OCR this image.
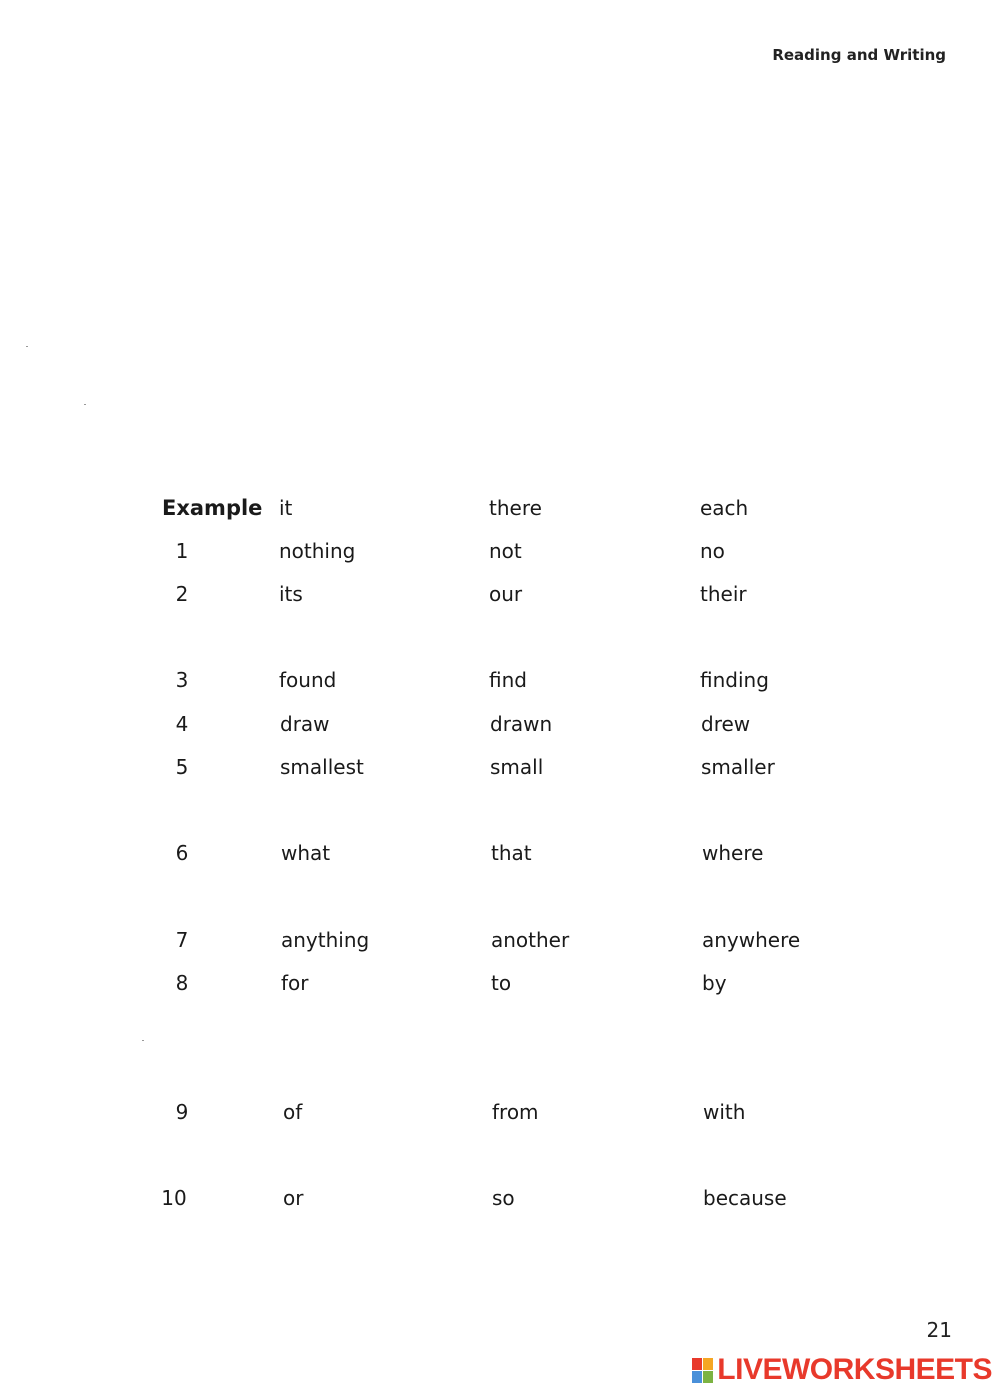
Reading and Writing
Example it	there	each
1	nothing	not	no
2	its	our	their
3	found	find	finding
4	draw	drawn	drew
5	smallest	small	smaller
6	what	that	where
7	anything	another	anywhere
8	for	to	by
9	of	from	with
10	or	so	because
21
LIVEWORKSHEETS
